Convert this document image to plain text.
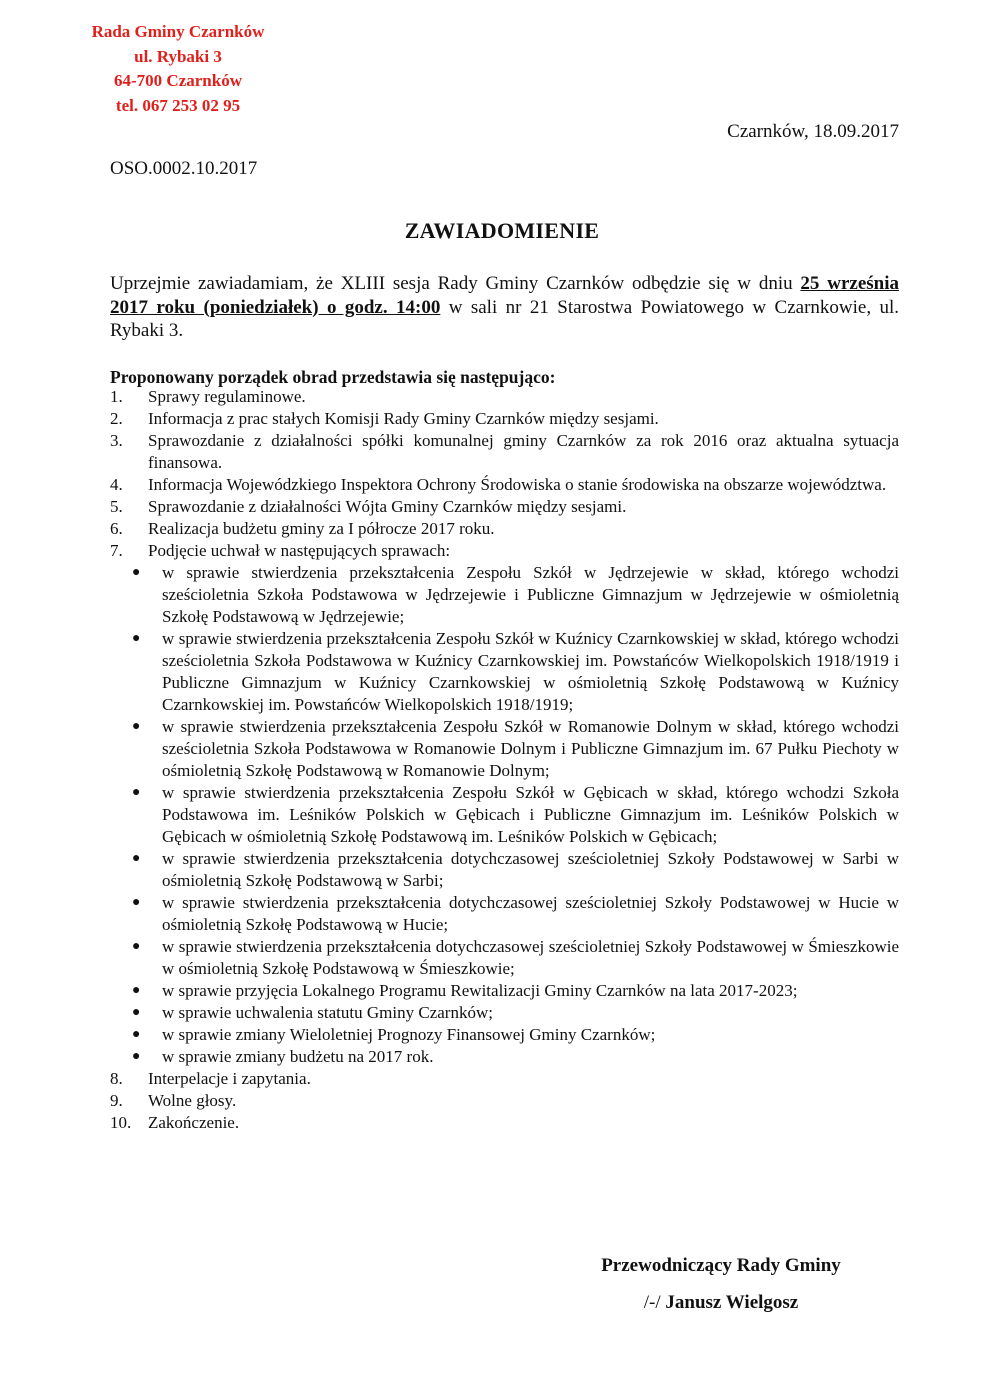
Rada Gminy Czarnków
ul. Rybaki 3
64-700 Czarnków
tel. 067 253 02 95
Czarnków, 18.09.2017
OSO.0002.10.2017
ZAWIADOMIENIE

Uprzejmie zawiadamiam, że XLIII sesja Rady Gminy Czarnków odbędzie się w dniu 25 września 2017 roku (poniedziałek) o godz. 14:00 w sali nr 21 Starostwa Powiatowego w Czarnkowie, ul. Rybaki 3.

Proponowany porządek obrad przedstawia się następująco:
1. Sprawy regulaminowe.
2. Informacja z prac stałych Komisji Rady Gminy Czarnków między sesjami.
3. Sprawozdanie z działalności spółki komunalnej gminy Czarnków za rok 2016 oraz aktualna sytuacja finansowa.
4. Informacja Wojewódzkiego Inspektora Ochrony Środowiska o stanie środowiska na obszarze województwa.
5. Sprawozdanie z działalności Wójta Gminy Czarnków między sesjami.
6. Realizacja budżetu gminy za I półrocze 2017 roku.
7. Podjęcie uchwał w następujących sprawach:
● w sprawie stwierdzenia przekształcenia Zespołu Szkół w Jędrzejewie w skład, którego wchodzi sześcioletnia Szkoła Podstawowa w Jędrzejewie i Publiczne Gimnazjum w Jędrzejewie w ośmioletnią Szkołę Podstawową w Jędrzejewie;
● w sprawie stwierdzenia przekształcenia Zespołu Szkół w Kuźnicy Czarnkowskiej w skład, którego wchodzi sześcioletnia Szkoła Podstawowa w Kuźnicy Czarnkowskiej im. Powstańców Wielkopolskich 1918/1919 i Publiczne Gimnazjum w Kuźnicy Czarnkowskiej w ośmioletnią Szkołę Podstawową w Kuźnicy Czarnkowskiej im. Powstańców Wielkopolskich 1918/1919;
● w sprawie stwierdzenia przekształcenia Zespołu Szkół w Romanowie Dolnym w skład, którego wchodzi sześcioletnia Szkoła Podstawowa w Romanowie Dolnym i Publiczne Gimnazjum im. 67 Pułku Piechoty w ośmioletnią Szkołę Podstawową w Romanowie Dolnym;
● w sprawie stwierdzenia przekształcenia Zespołu Szkół w Gębicach w skład, którego wchodzi Szkoła Podstawowa im. Leśników Polskich w Gębicach i Publiczne Gimnazjum im. Leśników Polskich w Gębicach w ośmioletnią Szkołę Podstawową im. Leśników Polskich w Gębicach;
● w sprawie stwierdzenia przekształcenia dotychczasowej sześcioletniej Szkoły Podstawowej w Sarbi w ośmioletnią Szkołę Podstawową w Sarbi;
● w sprawie stwierdzenia przekształcenia dotychczasowej sześcioletniej Szkoły Podstawowej w Hucie w ośmioletnią Szkołę Podstawową w Hucie;
● w sprawie stwierdzenia przekształcenia dotychczasowej sześcioletniej Szkoły Podstawowej w Śmieszkowie w ośmioletnią Szkołę Podstawową w Śmieszkowie;
● w sprawie przyjęcia Lokalnego Programu Rewitalizacji Gminy Czarnków na lata 2017-2023;
● w sprawie uchwalenia statutu Gminy Czarnków;
● w sprawie zmiany Wieloletniej Prognozy Finansowej Gminy Czarnków;
● w sprawie zmiany budżetu na 2017 rok.
8. Interpelacje i zapytania.
9. Wolne głosy.
10. Zakończenie.
Przewodniczący Rady Gminy
/-/ Janusz Wielgosz
